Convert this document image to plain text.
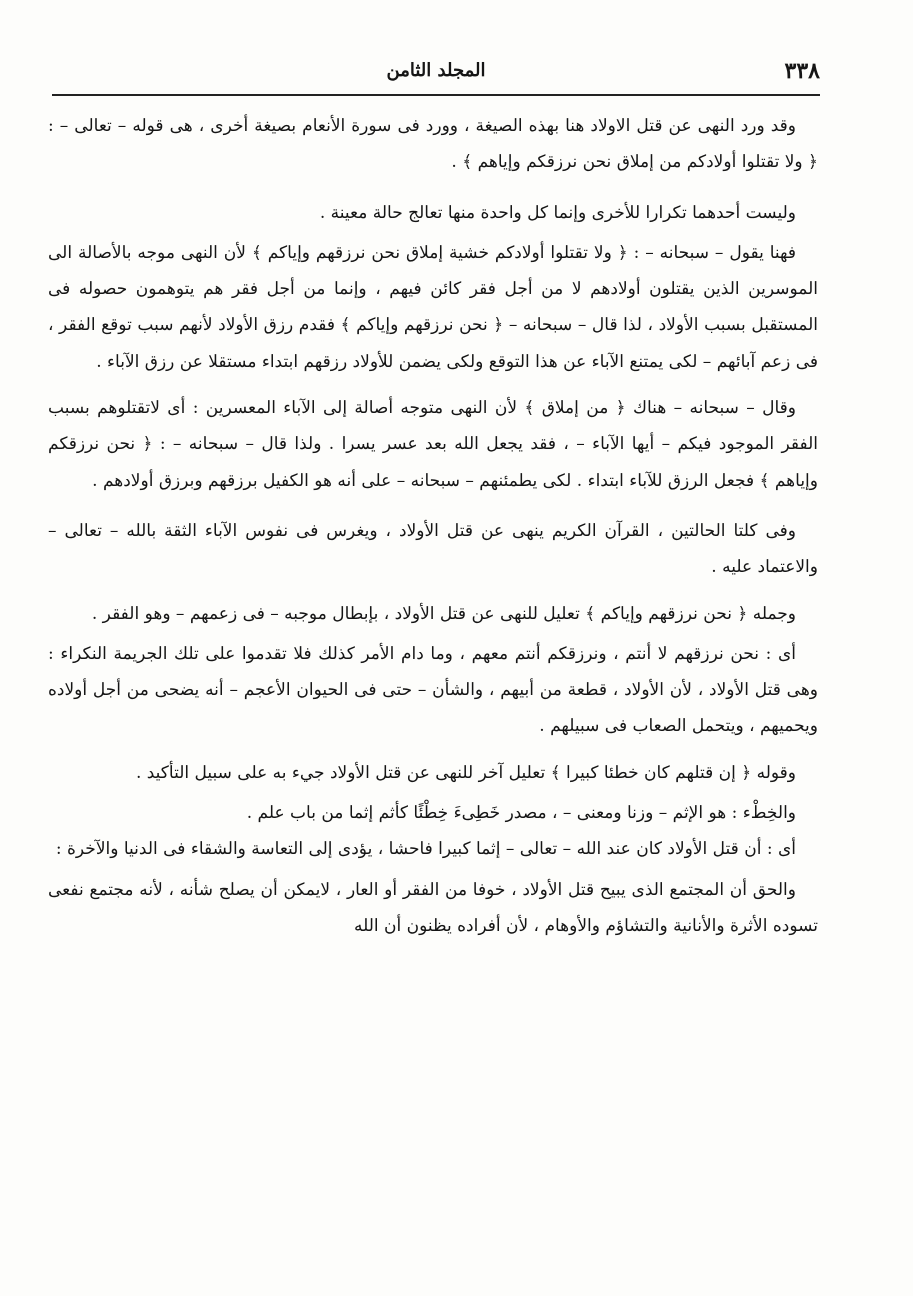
٣٣٨
المجلد الثامن

وقد ورد النهى عن قتل الاولاد هنا بهذه الصيغة ، وورد فى سورة الأنعام بصيغة أخرى ، هى قوله – تعالى – : ﴿ ولا تقتلوا أولادكم من إملاق نحن نرزقكم وإياهم ﴾ .

وليست أحدهما تكرارا للأخرى وإنما كل واحدة منها تعالج حالة معينة .

فهنا يقول – سبحانه – : ﴿ ولا تقتلوا أولادكم خشية إملاق نحن نرزقهم وإياكم ﴾ لأن النهى موجه بالأصالة الى الموسرين الذين يقتلون أولادهم لا من أجل فقر كائن فيهم ، وإنما من أجل فقر هم يتوهمون حصوله فى المستقبل بسبب الأولاد ، لذا قال – سبحانه – ﴿ نحن نرزقهم وإياكم ﴾ فقدم رزق الأولاد لأنهم سبب توقع الفقر ، فى زعم آبائهم – لكى يمتنع الآباء عن هذا التوقع ولكى يضمن للأولاد رزقهم ابتداء مستقلا عن رزق الآباء .

وقال – سبحانه – هناك ﴿ من إملاق ﴾ لأن النهى متوجه أصالة إلى الآباء المعسرين : أى لاتقتلوهم بسبب الفقر الموجود فيكم – أيها الآباء – ، فقد يجعل الله بعد عسر يسرا . ولذا قال – سبحانه – : ﴿ نحن نرزقكم وإياهم ﴾ فجعل الرزق للآباء ابتداء . لكى يطمئنهم – سبحانه – على أنه هو الكفيل برزقهم وبرزق أولادهم .

وفى كلتا الحالتين ، القرآن الكريم ينهى عن قتل الأولاد ، ويغرس فى نفوس الآباء الثقة بالله – تعالى – والاعتماد عليه .

وجمله ﴿ نحن نرزقهم وإياكم ﴾ تعليل للنهى عن قتل الأولاد ، بإبطال موجبه – فى زعمهم – وهو الفقر .

أى : نحن نرزقهم لا أنتم ، ونرزقكم أنتم معهم ، وما دام الأمر كذلك فلا تقدموا على تلك الجريمة النكراء : وهى قتل الأولاد ، لأن الأولاد ، قطعة من أبيهم ، والشأن – حتى فى الحيوان الأعجم – أنه يضحى من أجل أولاده ويحميهم ، ويتحمل الصعاب فى سبيلهم .

وقوله ﴿ إن قتلهم كان خطئا كبيرا ﴾ تعليل آخر للنهى عن قتل الأولاد جيء به على سبيل التأكيد .

والخِطْء : هو الإثم – وزنا ومعنى – ، مصدر خَطِىءَ خِطْئًا كأثم إثما من باب علم .

أى : أن قتل الأولاد كان عند الله – تعالى – إثما كبيرا فاحشا ، يؤدى إلى التعاسة والشقاء فى الدنيا والآخرة :

والحق أن المجتمع الذى يبيح قتل الأولاد ، خوفا من الفقر أو العار ، لايمكن أن يصلح شأنه ، لأنه مجتمع نفعى تسوده الأثرة والأنانية والتشاؤم والأوهام ، لأن أفراده يظنون أن الله
